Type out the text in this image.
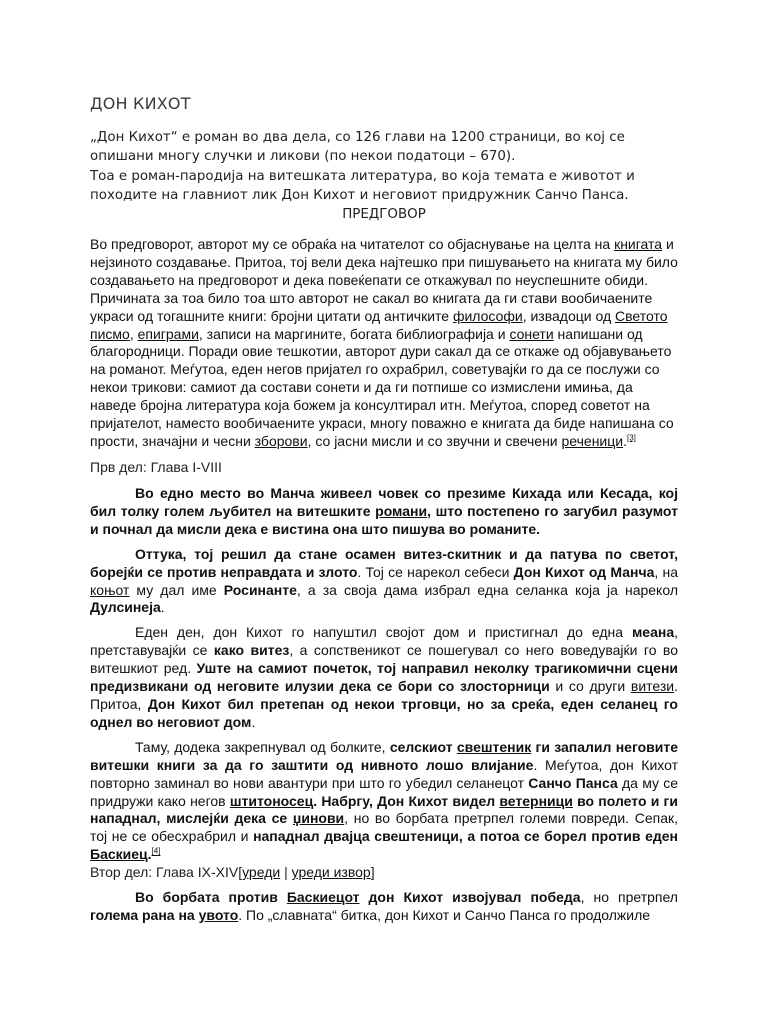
ДОН КИХОТ

„Дон Кихот“ е роман во два дела, со 126 глави на 1200 страници, во кој се опишани многу случки и ликови (по некои податоци – 670).

Тоа е роман-пародија на витешката литература, во која темата е животот и походите на главниот лик Дон Кихот и неговиот придружник Санчо Панса.

ПРЕДГОВОР

Во предговорот, авторот му се обраќа на читателот со објаснување на целта на книгата и нејзиното создавање. Притоа, тој вели дека најтешко при пишувањето на книгата му било создавањето на предговорот и дека повеќепати се откажувал по неуспешните обиди. Причината за тоа било тоа што авторот не сакал во книгата да ги стави вообичаените украси од тогашните книги: бројни цитати од античките философи, извадоци од Светото писмо, епиграми, записи на маргините, богата библиографија и сонети напишани од благородници. Поради овие тешкотии, авторот дури сакал да се откаже од објавувањето на романот. Меѓутоа, еден негов пријател го охрабрил, советувајќи го да се послужи со некои трикови: самиот да состави сонети и да ги потпише со измислени имиња, да наведе бројна литература која божем ја консултирал итн. Меѓутоа, според советот на пријателот, наместо вообичаените украси, многу поважно е книгата да биде напишана со прости, значајни и чесни зборови, со јасни мисли и со звучни и свечени реченици.[3]

Прв дел: Глава I-VIII

Во едно место во Манча живеел човек со презиме Кихада или Кесада, кој бил толку голем љубител на витешките романи, што постепено го загубил разумот и почнал да мисли дека е вистина она што пишува во романите.

Оттука, тој решил да стане осамен витез-скитник и да патува по светот, борејќи се против неправдата и злото. Тој се нарекол себеси Дон Кихот од Манча, на коњот му дал име Росинанте, а за своја дама избрал една селанка која ја нарекол Дулсинеја.

Еден ден, дон Кихот го напуштил својот дом и пристигнал до една меана, претставувајќи се како витез, а сопственикот се пошегувал со него воведувајќи го во витешкиот ред. Уште на самиот почеток, тој направил неколку трагикомични сцени предизвикани од неговите илузии дека се бори со злосторници и со други витези. Притоа, Дон Кихот бил претепан од некои трговци, но за среќа, еден селанец го однел во неговиот дом.

Таму, додека закрепнувал од болките, селскиот свештеник ги запалил неговите витешки книги за да го заштити од нивното лошо влијание. Меѓутоа, дон Кихот повторно заминал во нови авантури при што го убедил селанецот Санчо Панса да му се придружи како негов штитоносец. Набргу, Дон Кихот видел ветерници во полето и ги нападнал, мислејќи дека се џинови, но во борбата претрпел големи повреди. Сепак, тој не се обесхрабрил и нападнал двајца свештеници, а потоа се борел против еден Баскиец.[4]

Втор дел: Глава IX-XIV[уреди | уреди извор]

Во борбата против Баскиецот дон Кихот извојувал победа, но претрпел голема рана на увото. По „славната“ битка, дон Кихот и Санчо Панса го продолжиле
